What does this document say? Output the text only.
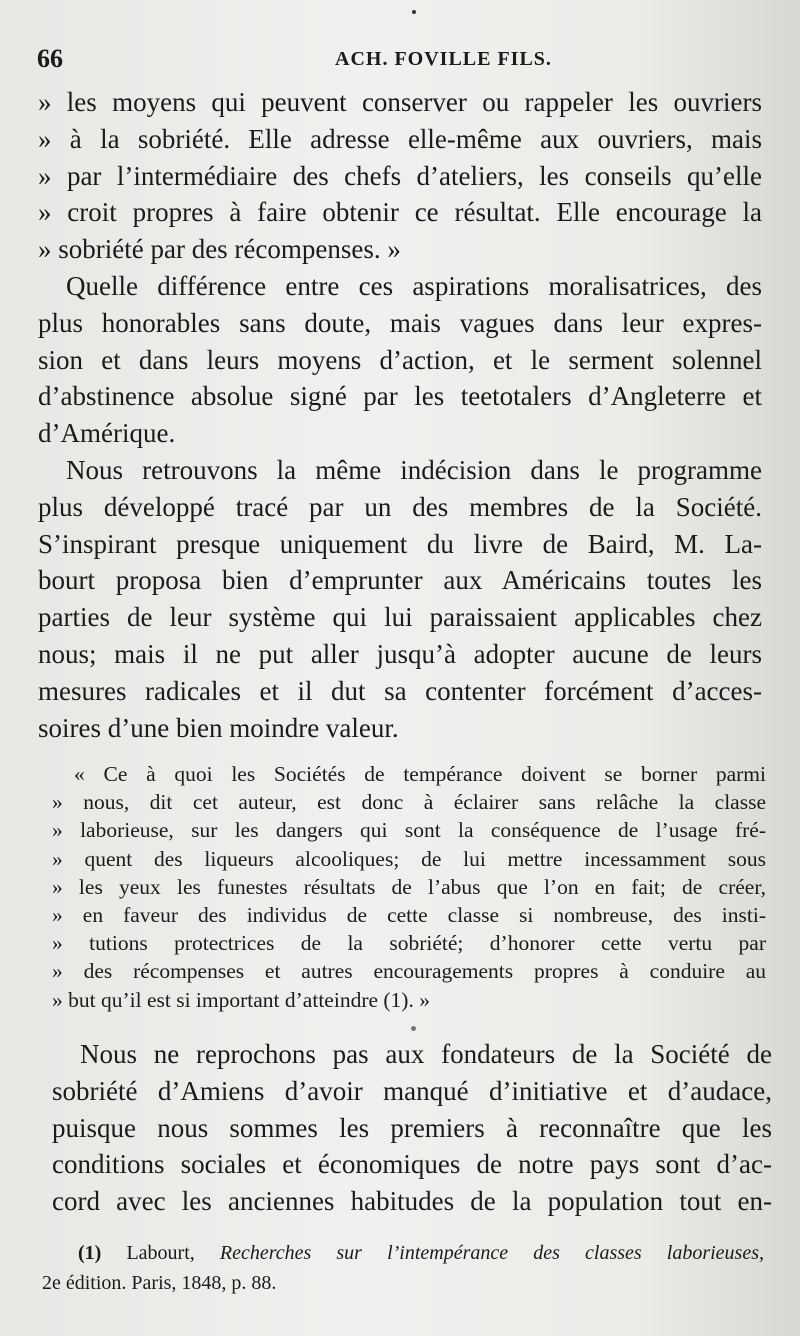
66	ACH. FOVILLE FILS.
» les moyens qui peuvent conserver ou rappeler les ouvriers
» à la sobriété. Elle adresse elle-même aux ouvriers, mais
» par l’intermédiaire des chefs d’ateliers, les conseils qu’elle
» croit propres à faire obtenir ce résultat. Elle encourage la
» sobriété par des récompenses. »
Quelle différence entre ces aspirations moralisatrices, des
plus honorables sans doute, mais vagues dans leur expres-
sion et dans leurs moyens d’action, et le serment solennel
d’abstinence absolue signé par les teetotalers d’Angleterre et
d’Amérique.
Nous retrouvons la même indécision dans le programme
plus développé tracé par un des membres de la Société.
S’inspirant presque uniquement du livre de Baird, M. La-
bourt proposa bien d’emprunter aux Américains toutes les
parties de leur système qui lui paraissaient applicables chez
nous; mais il ne put aller jusqu’à adopter aucune de leurs
mesures radicales et il dut sa contenter forcément d’acces-
soires d’une bien moindre valeur.
« Ce à quoi les Sociétés de tempérance doivent se borner parmi
» nous, dit cet auteur, est donc à éclairer sans relâche la classe
» laborieuse, sur les dangers qui sont la conséquence de l’usage fré-
» quent des liqueurs alcooliques; de lui mettre incessamment sous
» les yeux les funestes résultats de l’abus que l’on en fait; de créer,
» en faveur des individus de cette classe si nombreuse, des insti-
» tutions protectrices de la sobriété; d’honorer cette vertu par
» des récompenses et autres encouragements propres à conduire au
» but qu’il est si important d’atteindre (1). »
Nous ne reprochons pas aux fondateurs de la Société de
sobriété d’Amiens d’avoir manqué d’initiative et d’audace,
puisque nous sommes les premiers à reconnaître que les
conditions sociales et économiques de notre pays sont d’ac-
cord avec les anciennes habitudes de la population tout en-
(1) Labourt, Recherches sur l’intempérance des classes laborieuses,
2e édition. Paris, 1848, p. 88.
